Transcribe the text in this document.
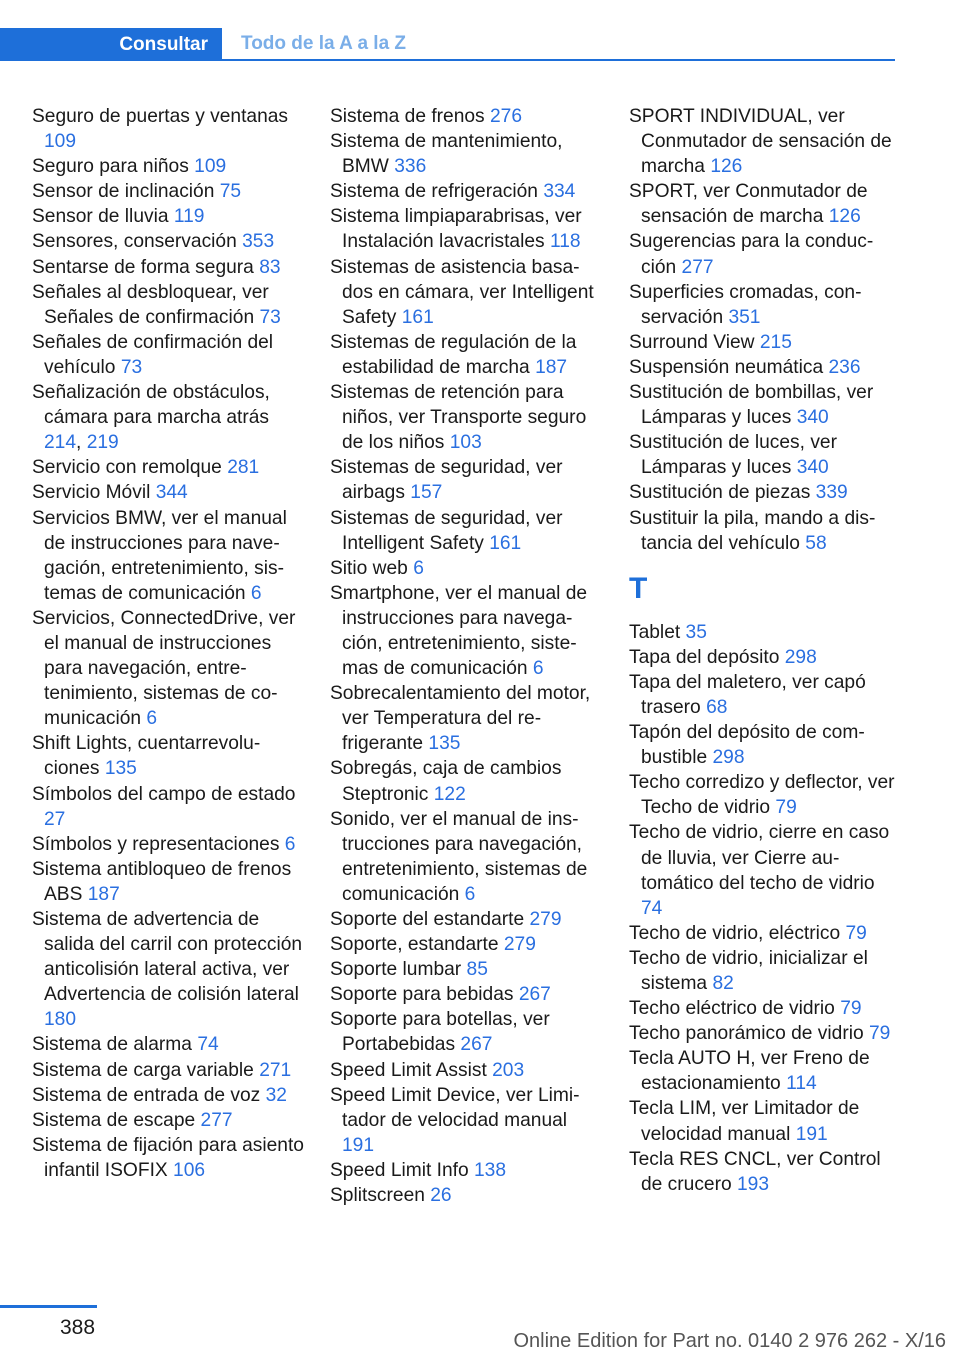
Consultar	Todo de la A a la Z
Seguro de puertas y ventanas 109
Seguro para niños 109
Sensor de inclinación 75
Sensor de lluvia 119
Sensores, conservación 353
Sentarse de forma segura 83
Señales al desbloquear, ver Señales de confirmación 73
Señales de confirmación del vehículo 73
Señalización de obstáculos, cámara para marcha atrás 214, 219
Servicio con remolque 281
Servicio Móvil 344
Servicios BMW, ver el manual de instrucciones para navegación, entretenimiento, sistemas de comunicación 6
Servicios, ConnectedDrive, ver el manual de instrucciones para navegación, entretenimiento, sistemas de comunicación 6
Shift Lights, cuentarrevoluciones 135
Símbolos del campo de estado 27
Símbolos y representaciones 6
Sistema antibloqueo de frenos ABS 187
Sistema de advertencia de salida del carril con protección anticolisión lateral activa, ver Advertencia de colisión lateral 180
Sistema de alarma 74
Sistema de carga variable 271
Sistema de entrada de voz 32
Sistema de escape 277
Sistema de fijación para asiento infantil ISOFIX 106
Sistema de frenos 276
Sistema de mantenimiento, BMW 336
Sistema de refrigeración 334
Sistema limpiaparabrisas, ver Instalación lavacristales 118
Sistemas de asistencia basados en cámara, ver Intelligent Safety 161
Sistemas de regulación de la estabilidad de marcha 187
Sistemas de retención para niños, ver Transporte seguro de los niños 103
Sistemas de seguridad, ver airbags 157
Sistemas de seguridad, ver Intelligent Safety 161
Sitio web 6
Smartphone, ver el manual de instrucciones para navegación, entretenimiento, sistemas de comunicación 6
Sobrecalentamiento del motor, ver Temperatura del refrigerante 135
Sobregás, caja de cambios Steptronic 122
Sonido, ver el manual de instrucciones para navegación, entretenimiento, sistemas de comunicación 6
Soporte del estandarte 279
Soporte, estandarte 279
Soporte lumbar 85
Soporte para bebidas 267
Soporte para botellas, ver Portabebidas 267
Speed Limit Assist 203
Speed Limit Device, ver Limitador de velocidad manual 191
Speed Limit Info 138
Splitscreen 26
SPORT INDIVIDUAL, ver Conmutador de sensación de marcha 126
SPORT, ver Conmutador de sensación de marcha 126
Sugerencias para la conducción 277
Superficies cromadas, conservación 351
Surround View 215
Suspensión neumática 236
Sustitución de bombillas, ver Lámparas y luces 340
Sustitución de luces, ver Lámparas y luces 340
Sustitución de piezas 339
Sustituir la pila, mando a distancia del vehículo 58
T
Tablet 35
Tapa del depósito 298
Tapa del maletero, ver capó trasero 68
Tapón del depósito de combustible 298
Techo corredizo y deflector, ver Techo de vidrio 79
Techo de vidrio, cierre en caso de lluvia, ver Cierre automático del techo de vidrio 74
Techo de vidrio, eléctrico 79
Techo de vidrio, inicializar el sistema 82
Techo eléctrico de vidrio 79
Techo panorámico de vidrio 79
Tecla AUTO H, ver Freno de estacionamiento 114
Tecla LIM, ver Limitador de velocidad manual 191
Tecla RES CNCL, ver Control de crucero 193
388
Online Edition for Part no. 0140 2 976 262 - X/16
